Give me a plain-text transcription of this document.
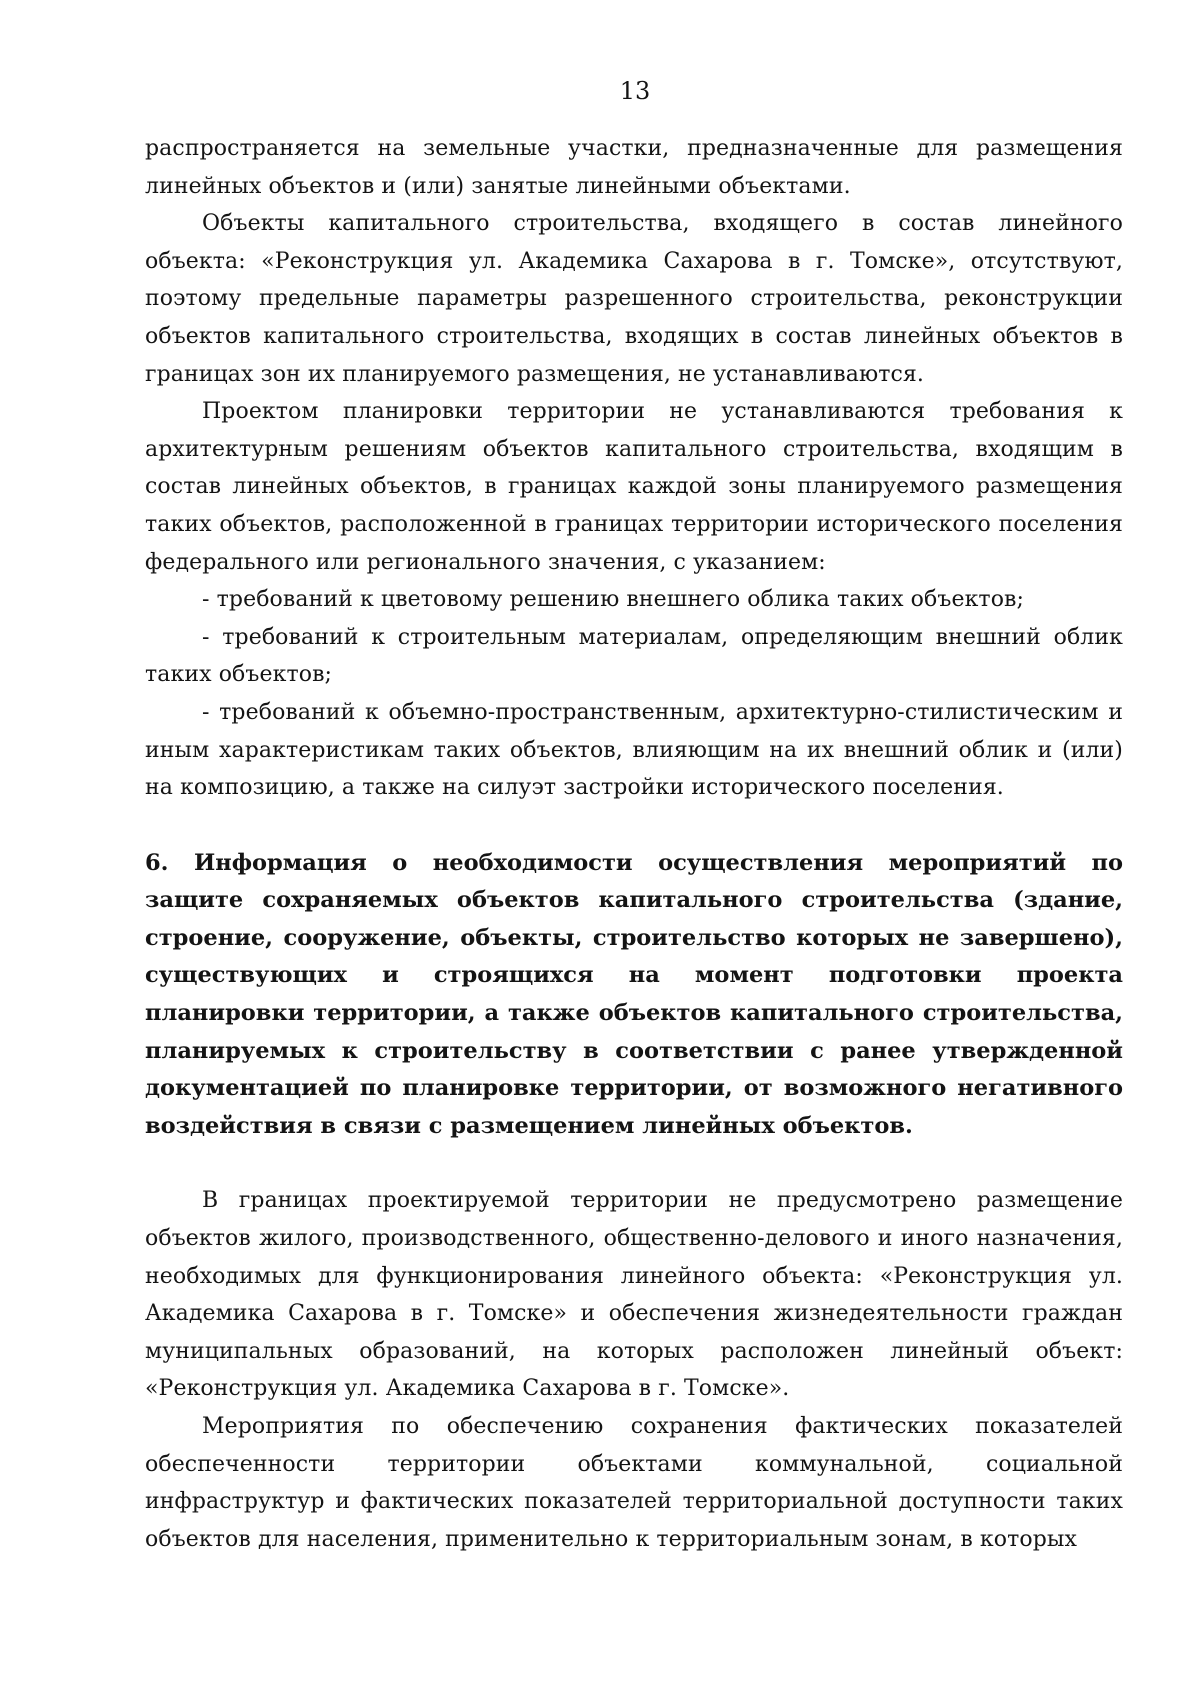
13

распространяется на земельные участки, предназначенные для размещения линейных объектов и (или) занятые линейными объектами.

Объекты капитального строительства, входящего в состав линейного объекта: «Реконструкция ул. Академика Сахарова в г. Томске», отсутствуют, поэтому предельные параметры разрешенного строительства, реконструкции объектов капитального строительства, входящих в состав линейных объектов в границах зон их планируемого размещения, не устанавливаются.

Проектом планировки территории не устанавливаются требования к архитектурным решениям объектов капитального строительства, входящим в состав линейных объектов, в границах каждой зоны планируемого размещения таких объектов, расположенной в границах территории исторического поселения федерального или регионального значения, с указанием:

- требований к цветовому решению внешнего облика таких объектов;

- требований к строительным материалам, определяющим внешний облик таких объектов;

- требований к объемно-пространственным, архитектурно-стилистическим и иным характеристикам таких объектов, влияющим на их внешний облик и (или) на композицию, а также на силуэт застройки исторического поселения.

6. Информация о необходимости осуществления мероприятий по защите сохраняемых объектов капитального строительства (здание, строение, сооружение, объекты, строительство которых не завершено), существующих и строящихся на момент подготовки проекта планировки территории, а также объектов капитального строительства, планируемых к строительству в соответствии с ранее утвержденной документацией по планировке территории, от возможного негативного воздействия в связи с размещением линейных объектов.

В границах проектируемой территории не предусмотрено размещение объектов жилого, производственного, общественно-делового и иного назначения, необходимых для функционирования линейного объекта: «Реконструкция ул. Академика Сахарова в г. Томске» и обеспечения жизнедеятельности граждан муниципальных образований, на которых расположен линейный объект: «Реконструкция ул. Академика Сахарова в г. Томске».

Мероприятия по обеспечению сохранения фактических показателей обеспеченности территории объектами коммунальной, социальной инфраструктур и фактических показателей территориальной доступности таких объектов для населения, применительно к территориальным зонам, в которых
